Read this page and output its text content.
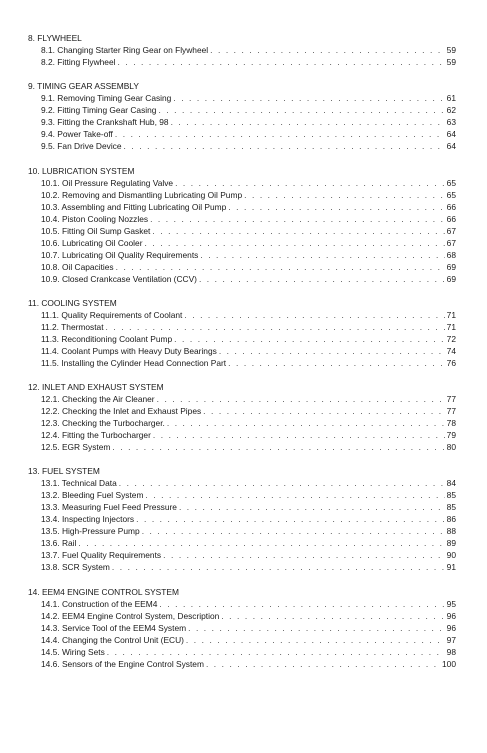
8. FLYWHEEL
8.1. Changing Starter Ring Gear on Flywheel . . .	59
8.2. Fitting Flywheel . . .	59
9. TIMING GEAR ASSEMBLY
9.1. Removing Timing Gear Casing . . .	61
9.2. Fitting Timing Gear Casing . . .	62
9.3. Fitting the Crankshaft Hub, 98 . . .	63
9.4. Power Take-off . . .	64
9.5. Fan Drive Device . . .	64
10. LUBRICATION SYSTEM
10.1. Oil Pressure Regulating Valve . . .	65
10.2. Removing and Dismantling Lubricating Oil Pump . . .	65
10.3. Assembling and Fitting Lubricating Oil Pump . . .	66
10.4. Piston Cooling Nozzles . . .	66
10.5. Fitting Oil Sump Gasket . . .	67
10.6. Lubricating Oil Cooler . . .	67
10.7. Lubricating Oil Quality Requirements . . .	68
10.8. Oil Capacities . . .	69
10.9. Closed Crankcase Ventilation (CCV) . . .	69
11. COOLING SYSTEM
11.1. Quality Requirements of Coolant . . .	71
11.2. Thermostat . . .	71
11.3. Reconditioning Coolant Pump . . .	72
11.4. Coolant Pumps with Heavy Duty Bearings . . .	74
11.5. Installing the Cylinder Head Connection Part . . .	76
12. INLET AND EXHAUST SYSTEM
12.1. Checking the Air Cleaner . . .	77
12.2. Checking the Inlet and Exhaust Pipes . . .	77
12.3. Checking the Turbocharger. . . .	78
12.4. Fitting the Turbocharger . . .	79
12.5. EGR System . . .	80
13. FUEL SYSTEM
13.1. Technical Data . . .	84
13.2. Bleeding Fuel System . . .	85
13.3. Measuring Fuel Feed Pressure . . .	85
13.4. Inspecting Injectors . . .	86
13.5. High-Pressure Pump . . .	88
13.6. Rail . . .	89
13.7. Fuel Quality Requirements . . .	90
13.8. SCR System . . .	91
14. EEM4 ENGINE CONTROL SYSTEM
14.1. Construction of the EEM4 . . .	95
14.2. EEM4 Engine Control System, Description . . .	96
14.3. Service Tool of the EEM4 System . . .	96
14.4. Changing the Control Unit (ECU) . . .	97
14.5. Wiring Sets . . .	98
14.6. Sensors of the Engine Control System . . .	100
